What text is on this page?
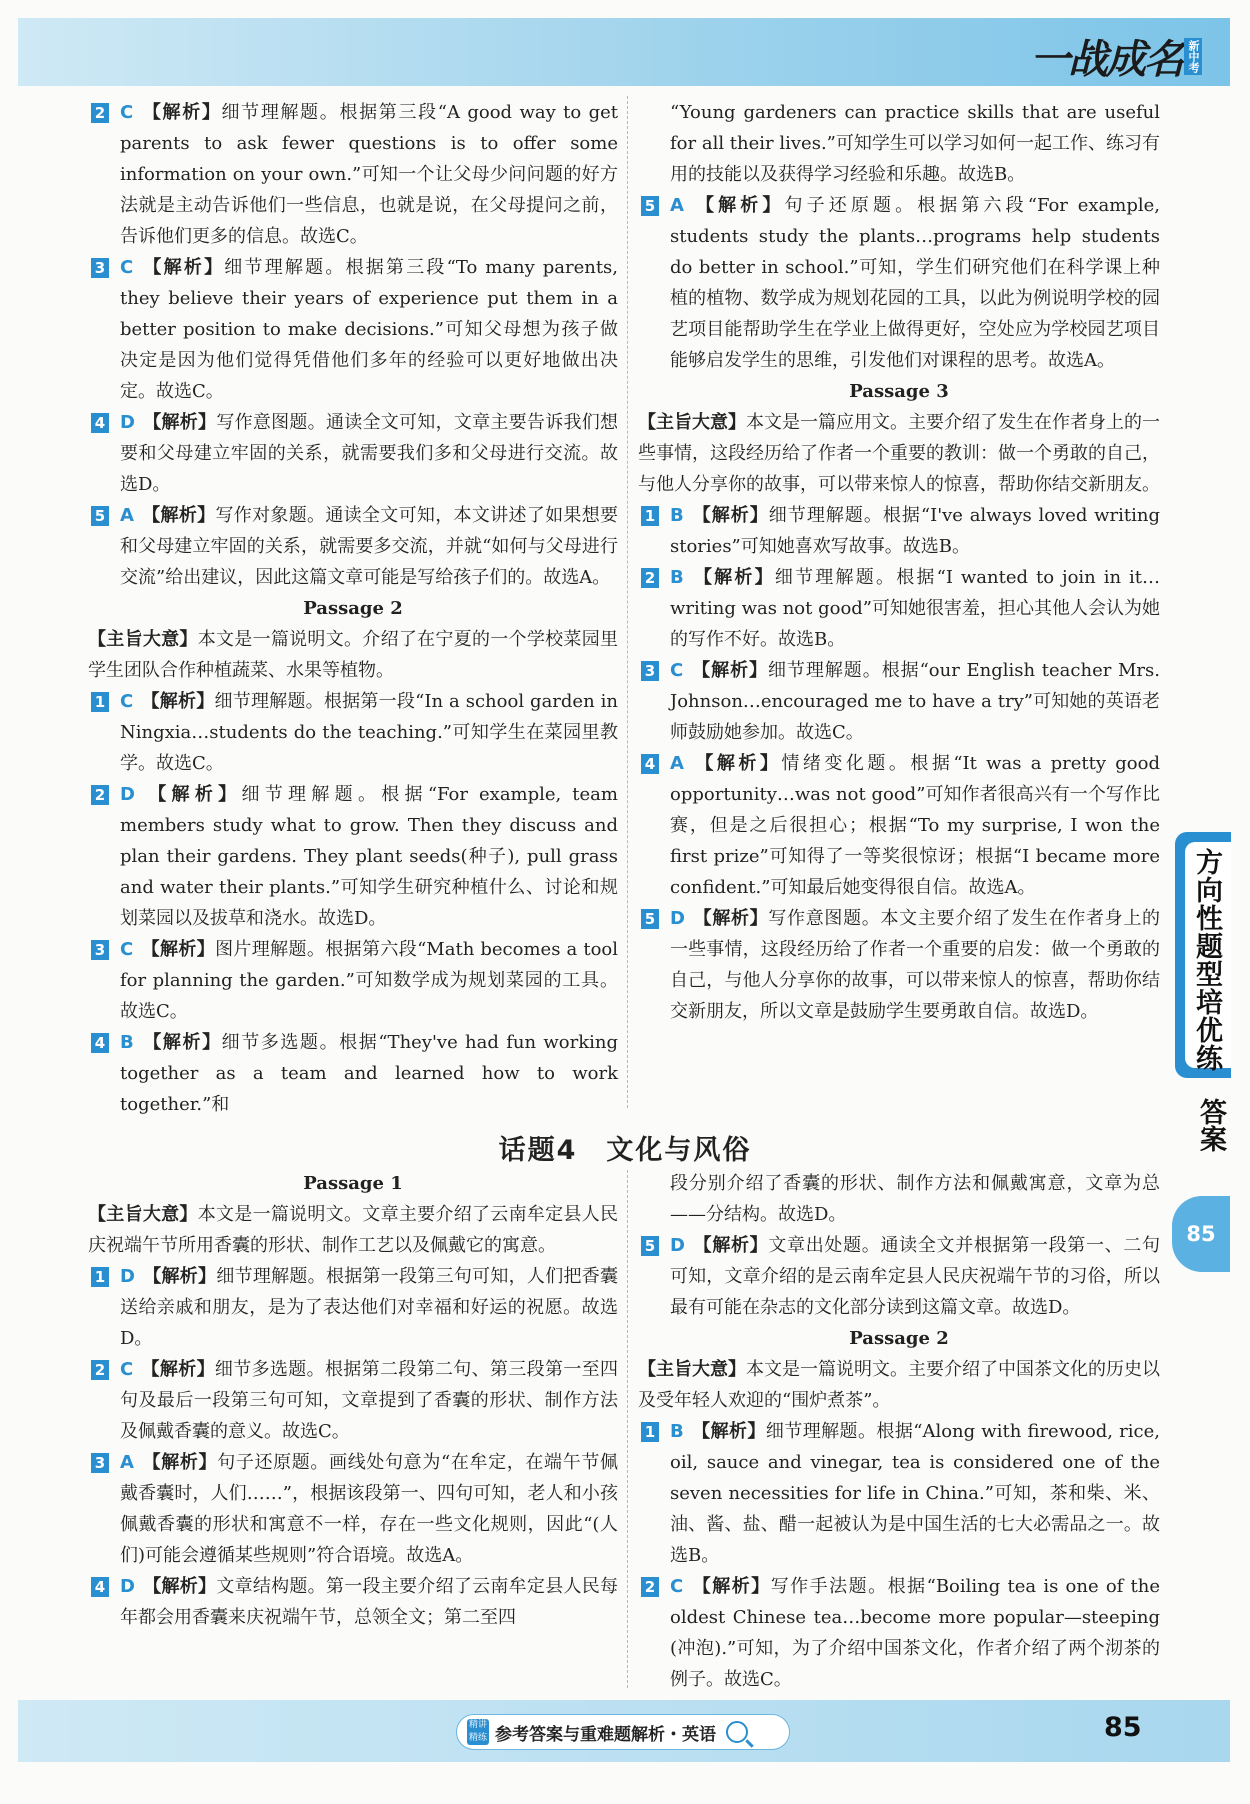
一战成名 新中考
2 C 【解析】细节理解题。根据第三段“A good way to get parents to ask fewer questions is to offer some information on your own.”可知一个让父母少问问题的好方法就是主动告诉他们一些信息，也就是说，在父母提问之前，告诉他们更多的信息。故选C。
3 C 【解析】细节理解题。根据第三段“To many parents, they believe their years of experience put them in a better position to make decisions.”可知父母想为孩子做决定是因为他们觉得凭借他们多年的经验可以更好地做出决定。故选C。
4 D 【解析】写作意图题。通读全文可知，文章主要告诉我们想要和父母建立牢固的关系，就需要我们多和父母进行交流。故选D。
5 A 【解析】写作对象题。通读全文可知，本文讲述了如果想要和父母建立牢固的关系，就需要多交流，并就“如何与父母进行交流”给出建议，因此这篇文章可能是写给孩子们的。故选A。
Passage 2
【主旨大意】本文是一篇说明文。介绍了在宁夏的一个学校菜园里学生团队合作种植蔬菜、水果等植物。
1 C 【解析】细节理解题。根据第一段“In a school garden in Ningxia…students do the teaching.”可知学生在菜园里教学。故选C。
2 D 【解析】细节理解题。根据“For example, team members study what to grow. Then they discuss and plan their gardens. They plant seeds(种子), pull grass and water their plants.”可知学生研究种植什么、讨论和规划菜园以及拔草和浇水。故选D。
3 C 【解析】图片理解题。根据第六段“Math becomes a tool for planning the garden.”可知数学成为规划菜园的工具。故选C。
4 B 【解析】细节多选题。根据“They've had fun working together as a team and learned how to work together.”和
“Young gardeners can practice skills that are useful for all their lives.”可知学生可以学习如何一起工作、练习有用的技能以及获得学习经验和乐趣。故选B。
5 A 【解析】句子还原题。根据第六段“For example, students study the plants…programs help students do better in school.”可知，学生们研究他们在科学课上种植的植物、数学成为规划花园的工具，以此为例说明学校的园艺项目能帮助学生在学业上做得更好，空处应为学校园艺项目能够启发学生的思维，引发他们对课程的思考。故选A。
Passage 3
【主旨大意】本文是一篇应用文。主要介绍了发生在作者身上的一些事情，这段经历给了作者一个重要的教训：做一个勇敢的自己，与他人分享你的故事，可以带来惊人的惊喜，帮助你结交新朋友。
1 B 【解析】细节理解题。根据“I've always loved writing stories”可知她喜欢写故事。故选B。
2 B 【解析】细节理解题。根据“I wanted to join in it…writing was not good”可知她很害羞，担心其他人会认为她的写作不好。故选B。
3 C 【解析】细节理解题。根据“our English teacher Mrs. Johnson…encouraged me to have a try”可知她的英语老师鼓励她参加。故选C。
4 A 【解析】情绪变化题。根据“It was a pretty good opportunity…was not good”可知作者很高兴有一个写作比赛，但是之后很担心；根据“To my surprise, I won the first prize”可知得了一等奖很惊讶；根据“I became more confident.”可知最后她变得很自信。故选A。
5 D 【解析】写作意图题。本文主要介绍了发生在作者身上的一些事情，这段经历给了作者一个重要的启发：做一个勇敢的自己，与他人分享你的故事，可以带来惊人的惊喜，帮助你结交新朋友，所以文章是鼓励学生要勇敢自信。故选D。
话题4　文化与风俗
Passage 1
【主旨大意】本文是一篇说明文。文章主要介绍了云南牟定县人民庆祝端午节所用香囊的形状、制作工艺以及佩戴它的寓意。
1 D 【解析】细节理解题。根据第一段第三句可知，人们把香囊送给亲戚和朋友，是为了表达他们对幸福和好运的祝愿。故选D。
2 C 【解析】细节多选题。根据第二段第二句、第三段第一至四句及最后一段第三句可知，文章提到了香囊的形状、制作方法及佩戴香囊的意义。故选C。
3 A 【解析】句子还原题。画线处句意为“在牟定，在端午节佩戴香囊时，人们……”，根据该段第一、四句可知，老人和小孩佩戴香囊的形状和寓意不一样，存在一些文化规则，因此“(人们)可能会遵循某些规则”符合语境。故选A。
4 D 【解析】文章结构题。第一段主要介绍了云南牟定县人民每年都会用香囊来庆祝端午节，总领全文；第二至四
段分别介绍了香囊的形状、制作方法和佩戴寓意，文章为总——分结构。故选D。
5 D 【解析】文章出处题。通读全文并根据第一段第一、二句可知，文章介绍的是云南牟定县人民庆祝端午节的习俗，所以最有可能在杂志的文化部分读到这篇文章。故选D。
Passage 2
【主旨大意】本文是一篇说明文。主要介绍了中国茶文化的历史以及受年轻人欢迎的“围炉煮茶”。
1 B 【解析】细节理解题。根据“Along with firewood, rice, oil, sauce and vinegar, tea is considered one of the seven necessities for life in China.”可知，茶和柴、米、油、酱、盐、醋一起被认为是中国生活的七大必需品之一。故选B。
2 C 【解析】写作手法题。根据“Boiling tea is one of the oldest Chinese tea…become more popular—steeping (冲泡).”可知，为了介绍中国茶文化，作者介绍了两个沏茶的例子。故选C。
方向性题型培优练
答案
85
精讲精练 参考答案与重难题解析・英语	85
